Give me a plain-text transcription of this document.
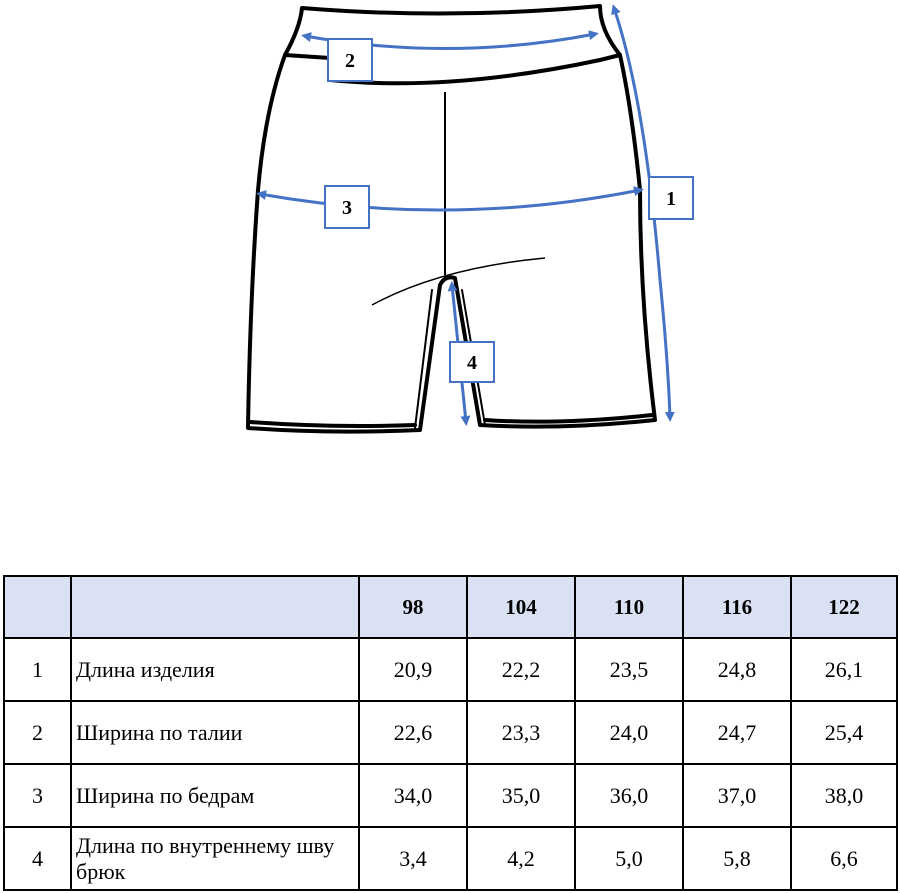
1
2
3
4
		98	104	110	116	122
1	Длина изделия	20,9	22,2	23,5	24,8	26,1
2	Ширина по талии	22,6	23,3	24,0	24,7	25,4
3	Ширина по бедрам	34,0	35,0	36,0	37,0	38,0
4	Длина по внутреннему шву брюк	3,4	4,2	5,0	5,8	6,6
